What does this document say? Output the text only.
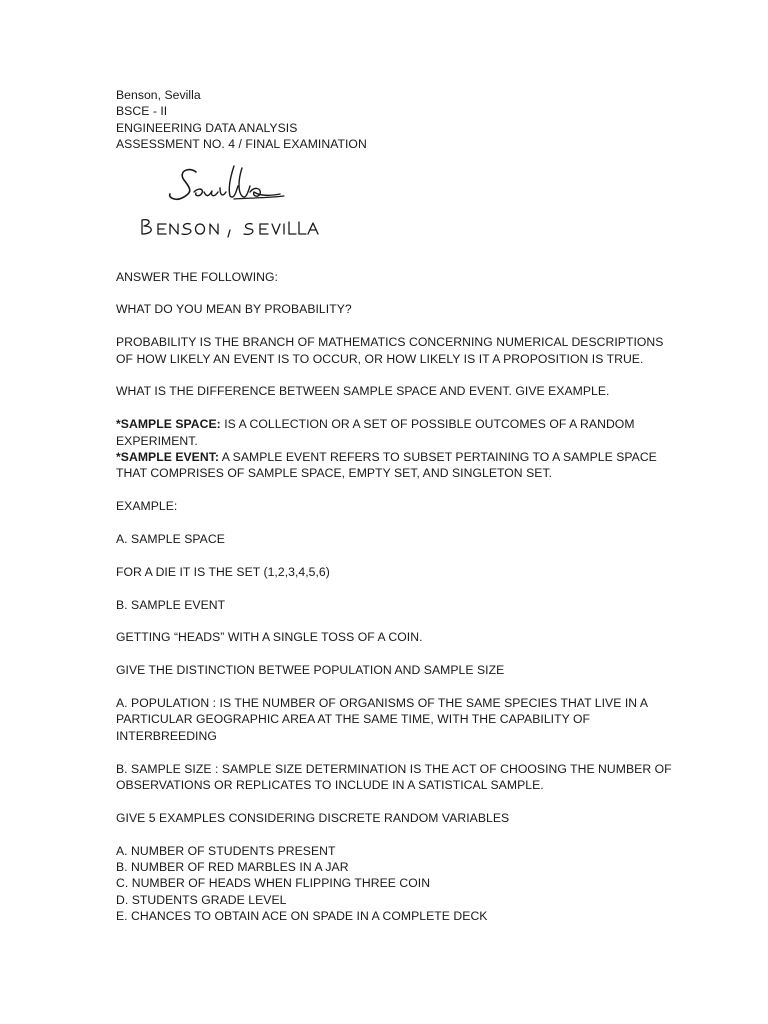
Benson, Sevilla

BSCE - II

ENGINEERING DATA ANALYSIS

ASSESSMENT NO. 4 / FINAL EXAMINATION

ANSWER THE FOLLOWING:

WHAT DO YOU MEAN BY PROBABILITY?

PROBABILITY IS THE BRANCH OF MATHEMATICS CONCERNING NUMERICAL DESCRIPTIONS

OF HOW LIKELY AN EVENT IS TO OCCUR, OR HOW LIKELY IS IT A PROPOSITION IS TRUE.

WHAT IS THE DIFFERENCE BETWEEN SAMPLE SPACE AND EVENT. GIVE EXAMPLE.

*SAMPLE SPACE: IS A COLLECTION OR A SET OF POSSIBLE OUTCOMES OF A RANDOM

EXPERIMENT.

*SAMPLE EVENT: A SAMPLE EVENT REFERS TO SUBSET PERTAINING TO A SAMPLE SPACE

THAT COMPRISES OF SAMPLE SPACE, EMPTY SET, AND SINGLETON SET.

EXAMPLE:

A. SAMPLE SPACE

FOR A DIE IT IS THE SET (1,2,3,4,5,6)

B. SAMPLE EVENT

GETTING “HEADS” WITH A SINGLE TOSS OF A COIN.

GIVE THE DISTINCTION BETWEE POPULATION AND SAMPLE SIZE

A. POPULATION : IS THE NUMBER OF ORGANISMS OF THE SAME SPECIES THAT LIVE IN A

PARTICULAR GEOGRAPHIC AREA AT THE SAME TIME, WITH THE CAPABILITY OF

INTERBREEDING

B. SAMPLE SIZE : SAMPLE SIZE DETERMINATION IS THE ACT OF CHOOSING THE NUMBER OF

OBSERVATIONS OR REPLICATES TO INCLUDE IN A SATISTICAL SAMPLE.

GIVE 5 EXAMPLES CONSIDERING DISCRETE RANDOM VARIABLES

A. NUMBER OF STUDENTS PRESENT

B. NUMBER OF RED MARBLES IN A JAR

C. NUMBER OF HEADS WHEN FLIPPING THREE COIN

D. STUDENTS GRADE LEVEL

E. CHANCES TO OBTAIN ACE ON SPADE IN A COMPLETE DECK
